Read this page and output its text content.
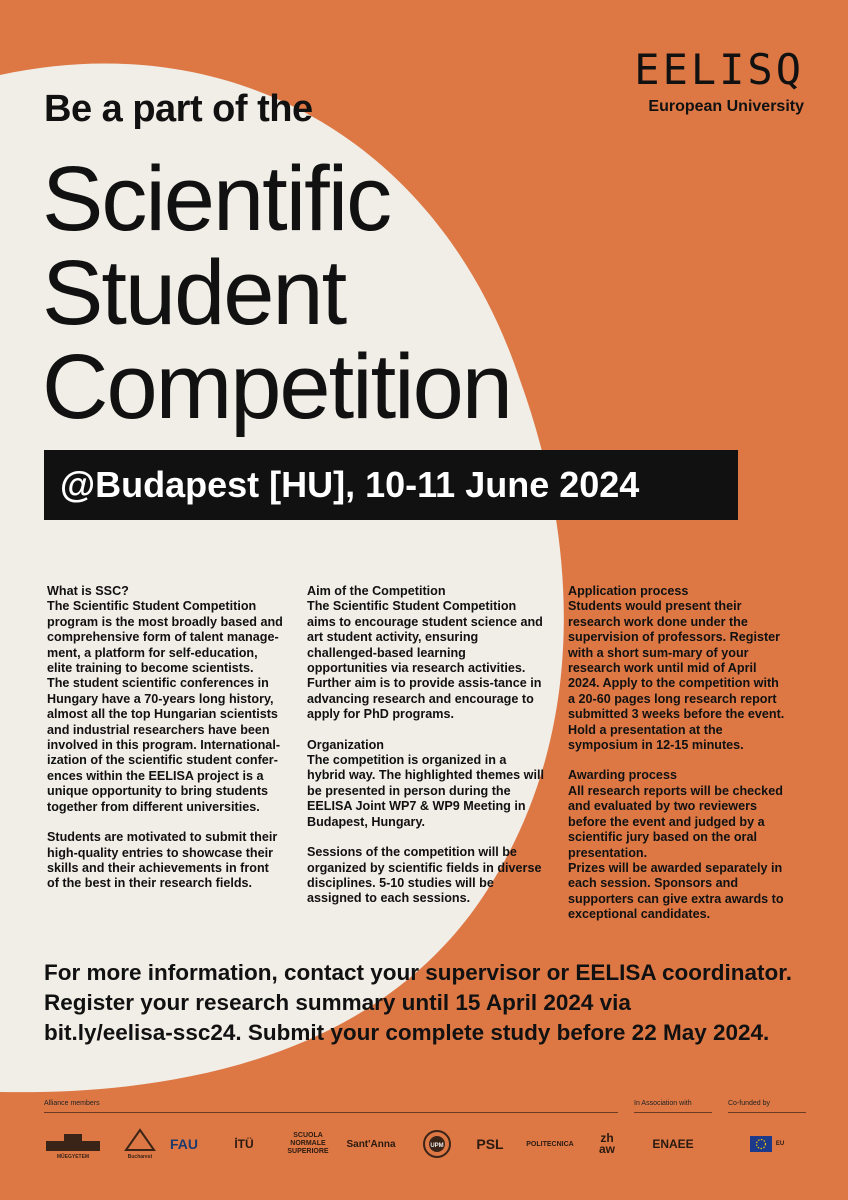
EELISQ
European University

Be a part of the

Scientific
Student
Competition
@Budapest [HU], 10-11 June 2024
What is SSC?

The Scientific Student Competition program is the most broadly based and comprehensive form of talent manage-ment, a platform for self-education, elite training to become scientists.

The student scientific conferences in Hungary have a 70-years long history, almost all the top Hungarian scientists and industrial researchers have been involved in this program. International-ization of the scientific student confer-ences within the EELISA project is a unique opportunity to bring students together from different universities.

Students are motivated to submit their high-quality entries to showcase their skills and their achievements in front of the best in their research fields.

Aim of the Competition

The Scientific Student Competition aims to encourage student science and art student activity, ensuring challenged-based learning opportunities via research activities. Further aim is to provide assis-tance in advancing research and encourage to apply for PhD programs.

Organization

The competition is organized in a hybrid way. The highlighted themes will be presented in person during the EELISA Joint WP7 & WP9 Meeting in Budapest, Hungary.

Sessions of the competition will be organized by scientific fields in diverse disciplines. 5-10 studies will be assigned to each sessions.

Application process

Students would present their research work done under the supervision of professors. Register with a short sum-mary of your research work until mid of April 2024. Apply to the competition with a 20-60 pages long research report submitted 3 weeks before the event. Hold a presentation at the symposium in 12-15 minutes.

Awarding process

All research reports will be checked and evaluated by two reviewers before the event and judged by a scientific jury based on the oral presentation.

Prizes will be awarded separately in each session. Sponsors and supporters can give extra awards to exceptional candidates.

For more information, contact your supervisor or EELISA coordinator.
Register your research summary until 15 April 2024 via
bit.ly/eelisa-ssc24. Submit your complete study before 22 May 2024.

Alliance members	In Association with	Co-funded by
MŰEGYETEM	Bucharest
FAU	İTÜ
SCUOLA NORMALE SUPERIORE
Sant'Anna	UPM	PSL	POLITECNICA	zh aw	ENAEE	EU
